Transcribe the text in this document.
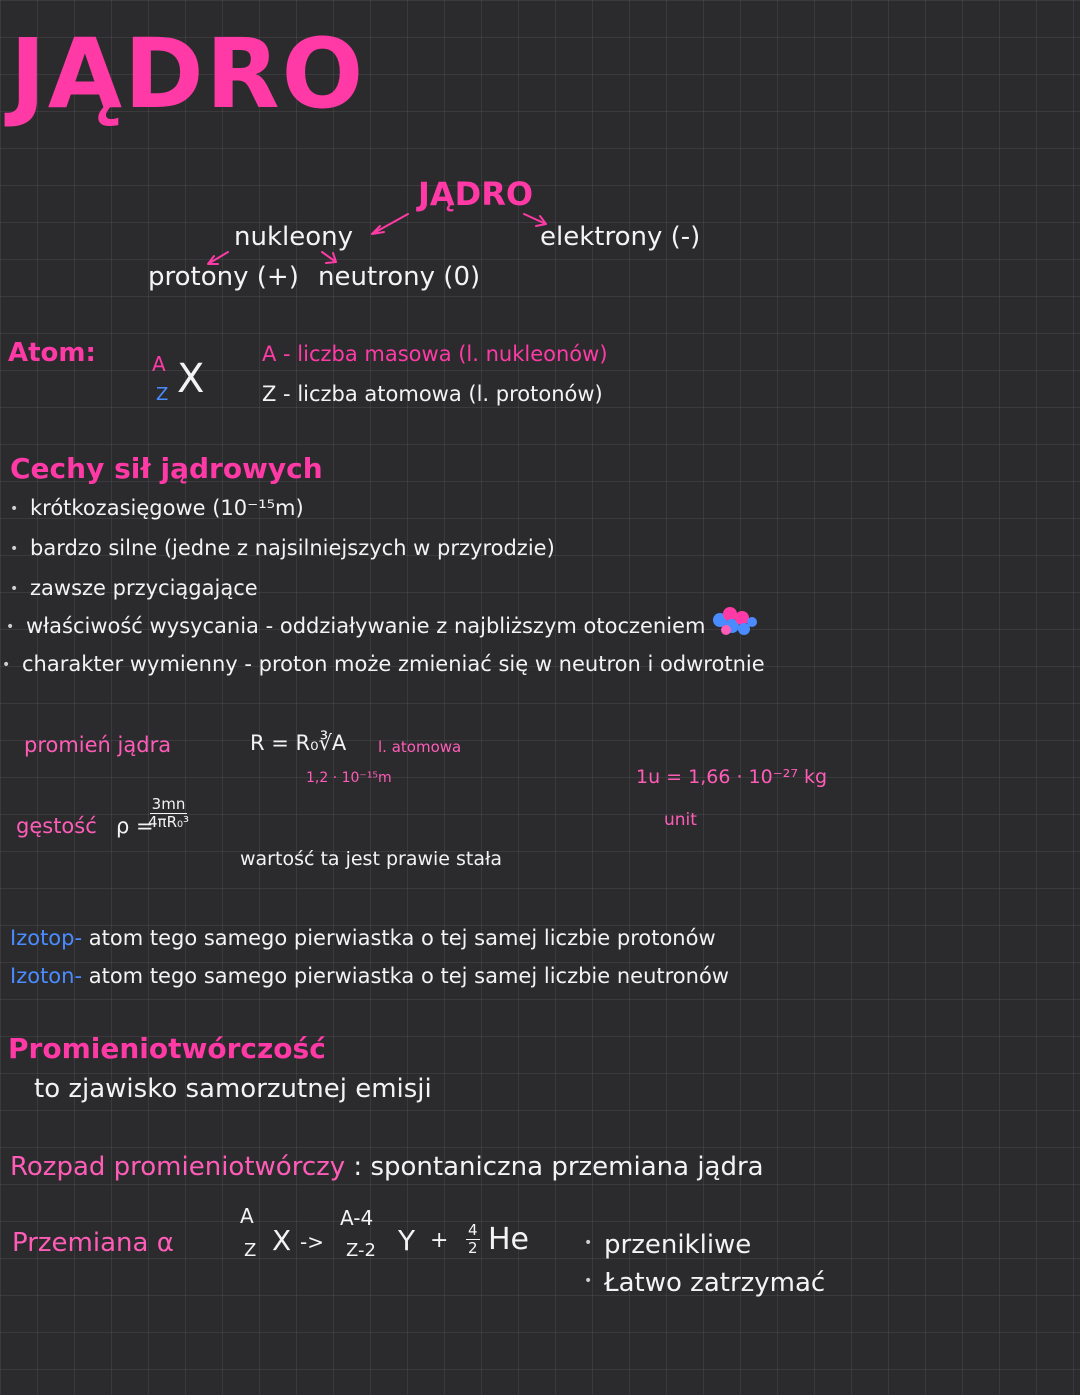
JĄDRO
JĄDRO
nukleony	elektrony (-)
protony (+) neutrony (0)
Atom:	A
Z X
A - liczba masowa (l. nukleonów)
Z - liczba atomowa (l. protonów)
Cechy sił jądrowych
• krótkozasięgowe (10⁻¹⁵m)
• bardzo silne (jedne z najsilniejszych w przyrodzie)
• zawsze przyciągające
• właściwość wysycania - oddziaływanie z najbliższym otoczeniem
• charakter wymienny - proton może zmieniać się w neutron i odwrotnie
promień jądra	R = R₀∛A l. atomowa
1,2 · 10⁻¹⁵m	1u = 1,66 · 10⁻²⁷ kg
unit
gęstość ρ =
$\frac{3mn}{\text{4πR₀³}}$
wartość ta jest prawie stała
Izotop- atom tego samego pierwiastka o tej samej liczbie protonów
Izoton- atom tego samego pierwiastka o tej samej liczbie neutronów
Promieniotwórczość
to zjawisko samorzutnej emisji
Rozpad promieniotwórczy : spontaniczna przemiana jądra
Przemiana α
A
Z X ->
A-4
Z-2 $Y + \frac{4}{2}$ He
•	przenikliwe
• Łatwo zatrzymać
